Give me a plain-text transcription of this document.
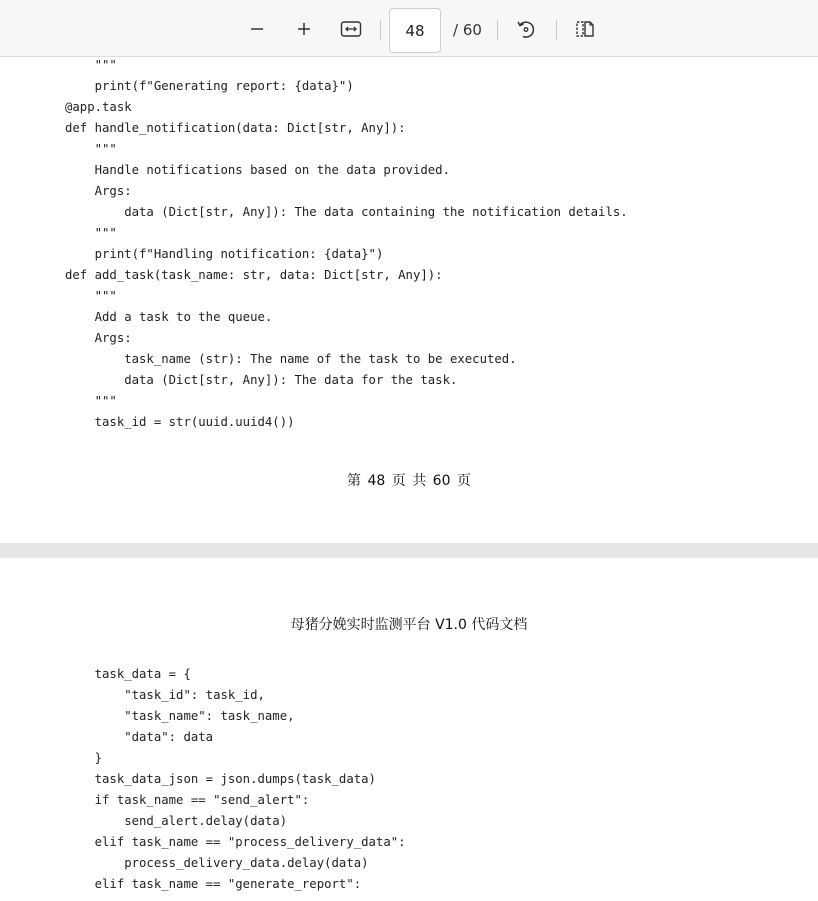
48
/ 60
"""
print(f"Generating report: {data}")
@app.task
def handle_notification(data: Dict[str, Any]):
"""
Handle notifications based on the data provided.
Args:
data (Dict[str, Any]): The data containing the notification details.
"""
print(f"Handling notification: {data}")
def add_task(task_name: str, data: Dict[str, Any]):
"""
Add a task to the queue.
Args:
task_name (str): The name of the task to be executed.
data (Dict[str, Any]): The data for the task.
"""
task_id = str(uuid.uuid4())
第 48 页 共 60 页
母猪分娩实时监测平台 V1.0 代码文档
task_data = {
"task_id": task_id,
"task_name": task_name,
"data": data
}
task_data_json = json.dumps(task_data)
if task_name == "send_alert":
send_alert.delay(data)
elif task_name == "process_delivery_data":
process_delivery_data.delay(data)
elif task_name == "generate_report":
